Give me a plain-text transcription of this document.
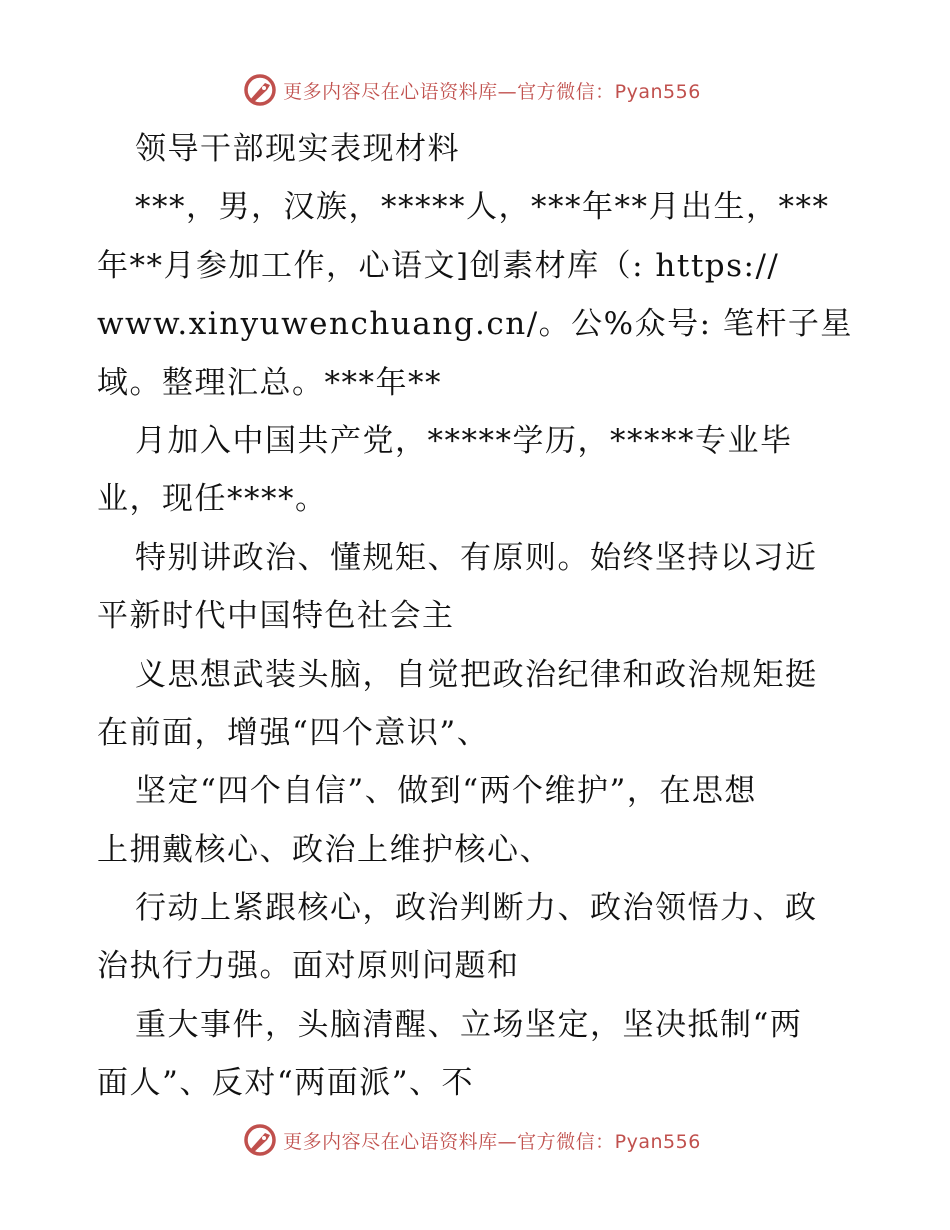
更多内容尽在心语资料库—官方微信：Pyan556
领导干部现实表现材料
***，男，汉族，*****人，***年**月出生，***
年**月参加工作，心语文]创素材库（: https://
www.xinyuwenchuang.cn/。公%众号: 笔杆子星
域。整理汇总。***年**
月加入中国共产党，*****学历，*****专业毕
业，现任****。
特别讲政治、懂规矩、有原则。始终坚持以习近
平新时代中国特色社会主
义思想武装头脑，自觉把政治纪律和政治规矩挺
在前面，增强“四个意识”、
坚定“四个自信”、做到“两个维护”，在思想
上拥戴核心、政治上维护核心、
行动上紧跟核心，政治判断力、政治领悟力、政
治执行力强。面对原则问题和
重大事件，头脑清醒、立场坚定，坚决抵制“两
面人”、反对“两面派”、不
更多内容尽在心语资料库—官方微信：Pyan556
